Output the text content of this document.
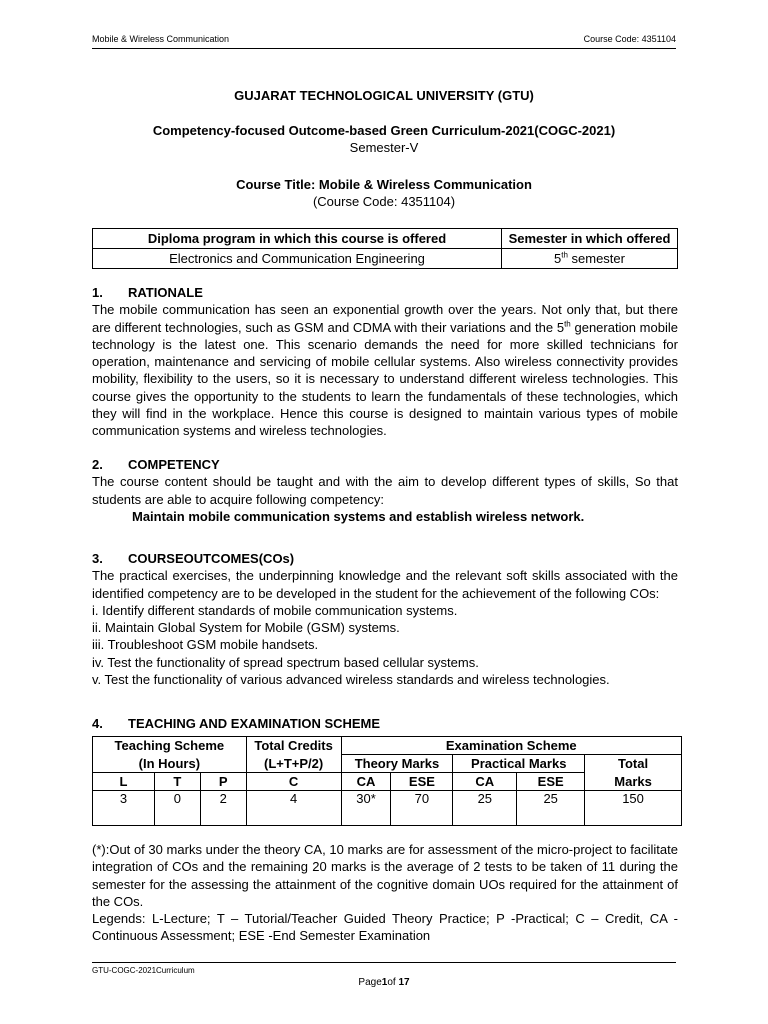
Mobile & Wireless Communication	Course Code: 4351104
GUJARAT TECHNOLOGICAL UNIVERSITY (GTU)
Competency-focused Outcome-based Green Curriculum-2021(COGC-2021)
Semester-V
Course Title: Mobile & Wireless Communication
(Course Code: 4351104)
Diploma program in which this course is offered	Semester in which offered
Electronics and Communication Engineering	5th semester
1.	RATIONALE
The mobile communication has seen an exponential growth over the years. Not only that, but there are different technologies, such as GSM and CDMA with their variations and the 5th generation mobile technology is the latest one. This scenario demands the need for more skilled technicians for operation, maintenance and servicing of mobile cellular systems. Also wireless connectivity provides mobility, flexibility to the users, so it is necessary to understand different wireless technologies. This course gives the opportunity to the students to learn the fundamentals of these technologies, which they will find in the workplace. Hence this course is designed to maintain various types of mobile communication systems and wireless technologies.
2.	COMPETENCY
The course content should be taught and with the aim to develop different types of skills, So that students are able to acquire following competency:
Maintain mobile communication systems and establish wireless network.
3.	COURSEOUTCOMES(COs)
The practical exercises, the underpinning knowledge and the relevant soft skills associated with the identified competency are to be developed in the student for the achievement of the following COs:
i. Identify different standards of mobile communication systems.
ii. Maintain Global System for Mobile (GSM) systems.
iii. Troubleshoot GSM mobile handsets.
iv. Test the functionality of spread spectrum based cellular systems.
v. Test the functionality of various advanced wireless standards and wireless technologies.
4.	TEACHING AND EXAMINATION SCHEME
Teaching Scheme			Total Credits	Examination Scheme				
(In Hours)			(L+T+P/2)	Theory Marks		Practical Marks		Total
L	T	P	C	CA	ESE	CA	ESE	Marks
3	0	2	4	30*	70	25	25	150
(*):Out of 30 marks under the theory CA, 10 marks are for assessment of the micro-project to facilitate integration of COs and the remaining 20 marks is the average of 2 tests to be taken of 11 during the semester for the assessing the attainment of the cognitive domain UOs required for the attainment of the COs.
Legends: L-Lecture; T – Tutorial/Teacher Guided Theory Practice; P -Practical; C – Credit, CA -Continuous Assessment; ESE -End Semester Examination
GTU-COGC-2021Curriculum
Page1of 17
